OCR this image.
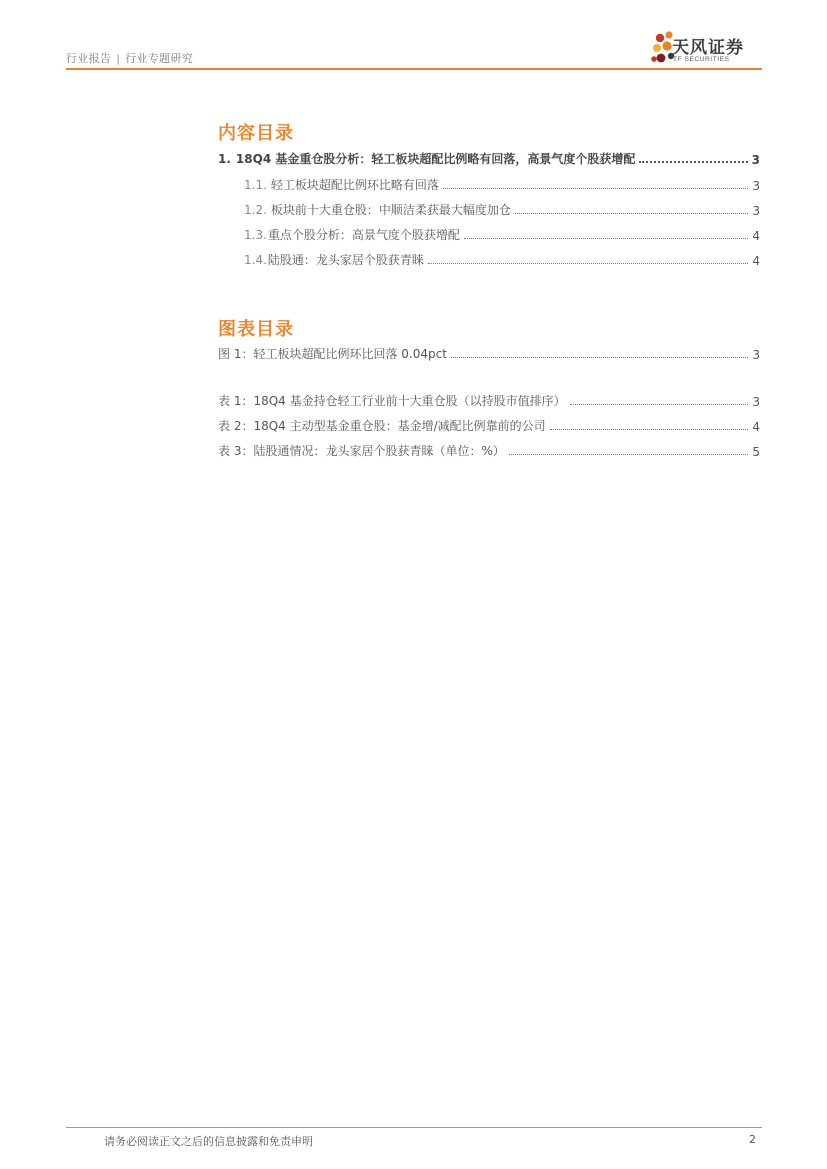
行业报告 | 行业专题研究
天风证券
TF SECURITIES
内容目录
1. 18Q4 基金重仓股分析：轻工板块超配比例略有回落，高景气度个股获增配	3
1.1. 轻工板块超配比例环比略有回落	3
1.2. 板块前十大重仓股：中顺洁柔获最大幅度加仓	3
1.3.重点个股分析：高景气度个股获增配	4
1.4.陆股通：龙头家居个股获青睐	4
图表目录
图 1：轻工板块超配比例环比回落 0.04pct	3
表 1：18Q4 基金持仓轻工行业前十大重仓股（以持股市值排序）	3
表 2：18Q4 主动型基金重仓股：基金增/减配比例靠前的公司	4
表 3：陆股通情况：龙头家居个股获青睐（单位：%）	5
请务必阅读正文之后的信息披露和免责申明	2
